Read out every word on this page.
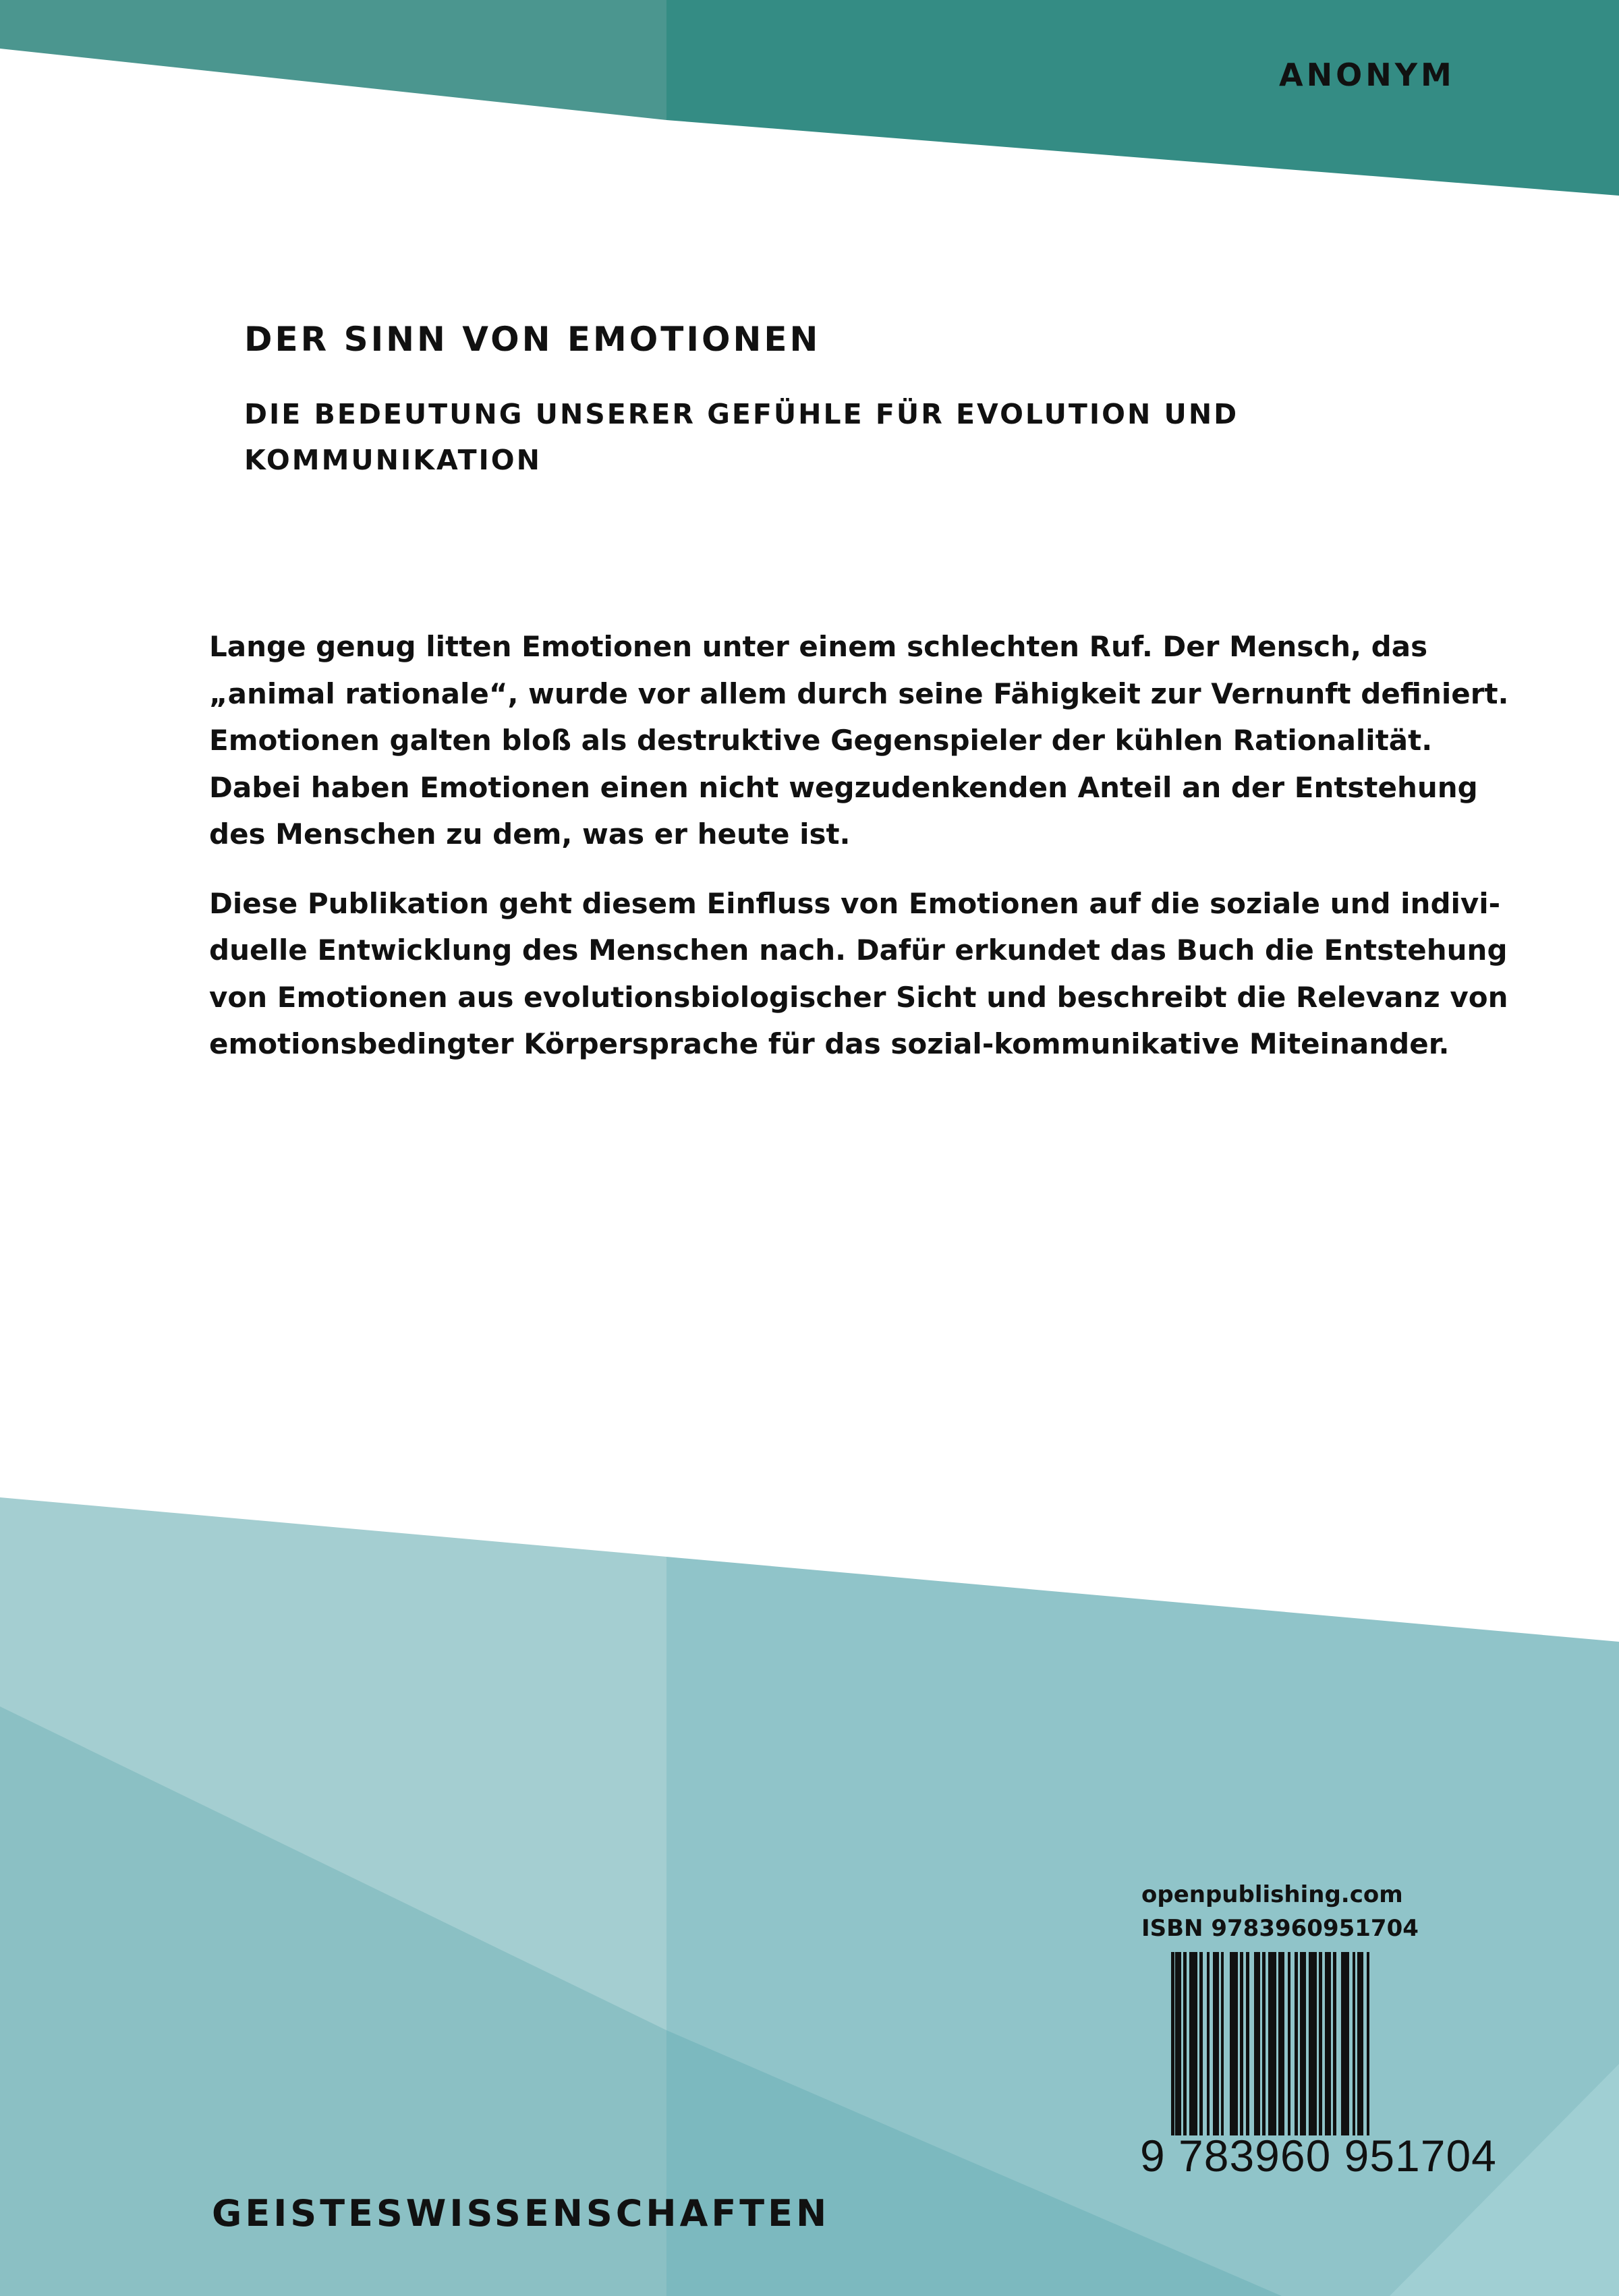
ANONYM
DER SINN VON EMOTIONEN
DIE BEDEUTUNG UNSERER GEFÜHLE FÜR EVOLUTION UND
KOMMUNIKATION
Lange genug litten Emotionen unter einem schlechten Ruf. Der Mensch, das
„animal rationale“, wurde vor allem durch seine Fähigkeit zur Vernunft definiert.
Emotionen galten bloß als destruktive Gegenspieler der kühlen Rationalität.
Dabei haben Emotionen einen nicht wegzudenkenden Anteil an der Entstehung
des Menschen zu dem, was er heute ist.
Diese Publikation geht diesem Einfluss von Emotionen auf die soziale und indivi-
duelle Entwicklung des Menschen nach. Dafür erkundet das Buch die Entstehung
von Emotionen aus evolutionsbiologischer Sicht und beschreibt die Relevanz von
emotionsbedingter Körpersprache für das sozial-kommunikative Miteinander.
openpublishing.com
ISBN 9783960951704
9 783960 951704
GEISTESWISSENSCHAFTEN
